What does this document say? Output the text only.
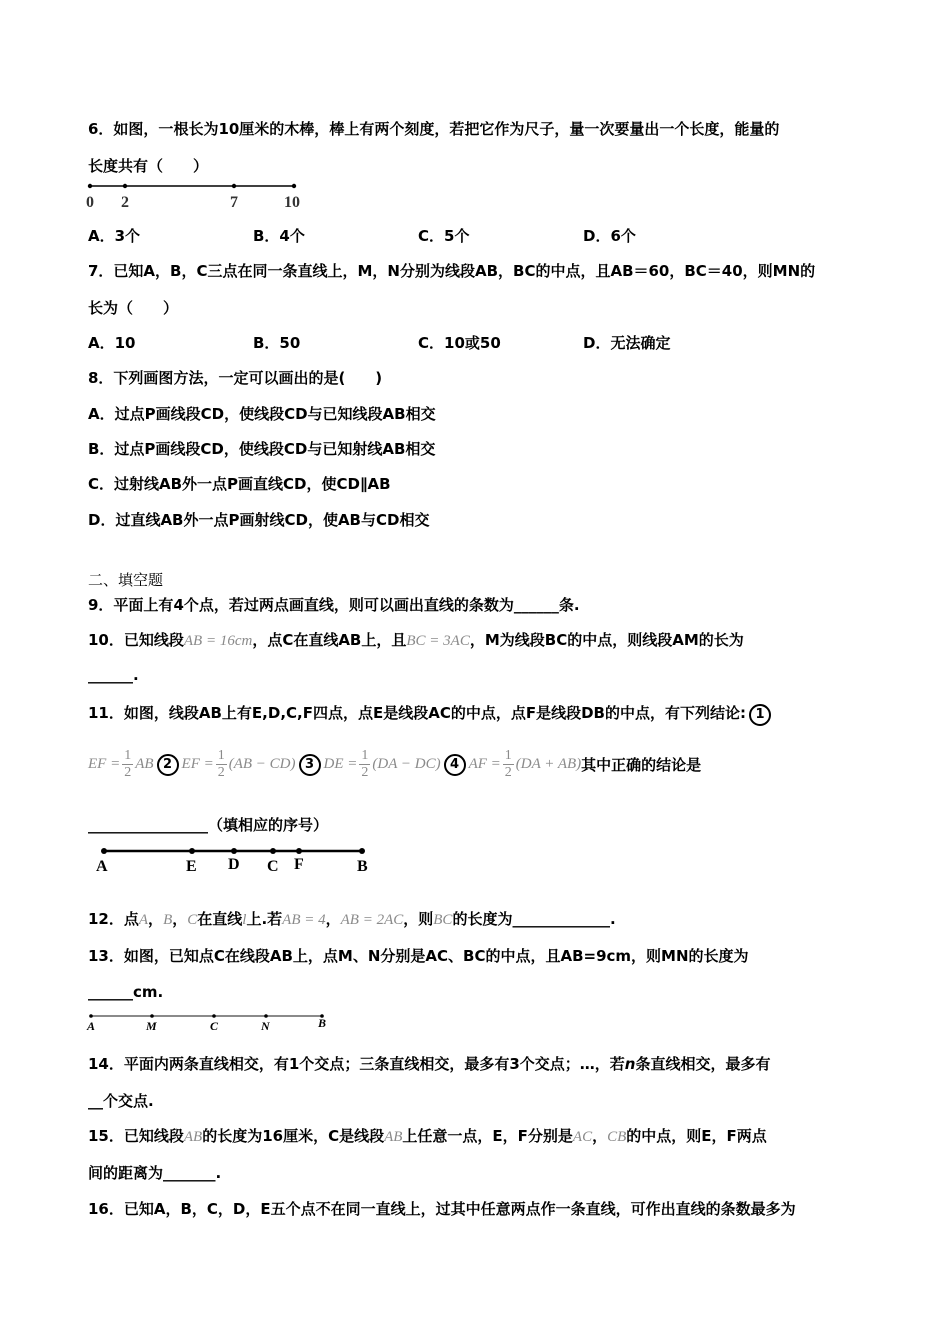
6．如图，一根长为10厘米的木棒，棒上有两个刻度，若把它作为尺子，量一次要量出一个长度，能量的
长度共有（　　）
0 2	7	10
A．3个	B．4个	C．5个	D．6个
7．已知A，B，C三点在同一条直线上，M，N分别为线段AB，BC的中点，且AB＝60，BC＝40，则MN的
长为（　　）
A．10	B．50	C．10或50	D．无法确定
8．下列画图方法，一定可以画出的是(　　)
A．过点P画线段CD，使线段CD与已知线段AB相交
B．过点P画线段CD，使线段CD与已知射线AB相交
C．过射线AB外一点P画直线CD，使CD∥AB
D．过直线AB外一点P画射线CD，使AB与CD相交
二、填空题
9．平面上有4个点，若过两点画直线，则可以画出直线的条数为______条.
10．已知线段AB = 16cm，点C在直线AB上，且BC = 3AC，M为线段BC的中点，则线段AM的长为
______.
11．如图，线段AB上有E,D,C,F四点，点E是线段AC的中点，点F是线段DB的中点，有下列结论: 1
EF = $\frac{1}{2}$ AB 2 EF = $\frac{1}{2} (AB - CD)$ 3 DE = $\frac{1}{2} (DA - DC)$ 4 AF = $\frac{1}{2} (DA + AB)$ 其中正确的结论是
________________（填相应的序号）
A	E D C F	B
12．点A，B，C在直线l上.若AB = 4，AB = 2AC，则BC的长度为_____________.
13．如图，已知点C在线段AB上，点M、N分别是AC、BC的中点，且AB=9cm，则MN的长度为
______cm.
A	M	C	N	B
14．平面内两条直线相交，有1个交点；三条直线相交，最多有3个交点；…，若n条直线相交，最多有
__个交点.
15．已知线段AB的长度为16厘米，C是线段AB上任意一点，E，F分别是AC，CB的中点，则E，F两点
间的距离为_______.
16．已知A，B，C，D，E五个点不在同一直线上，过其中任意两点作一条直线，可作出直线的条数最多为
